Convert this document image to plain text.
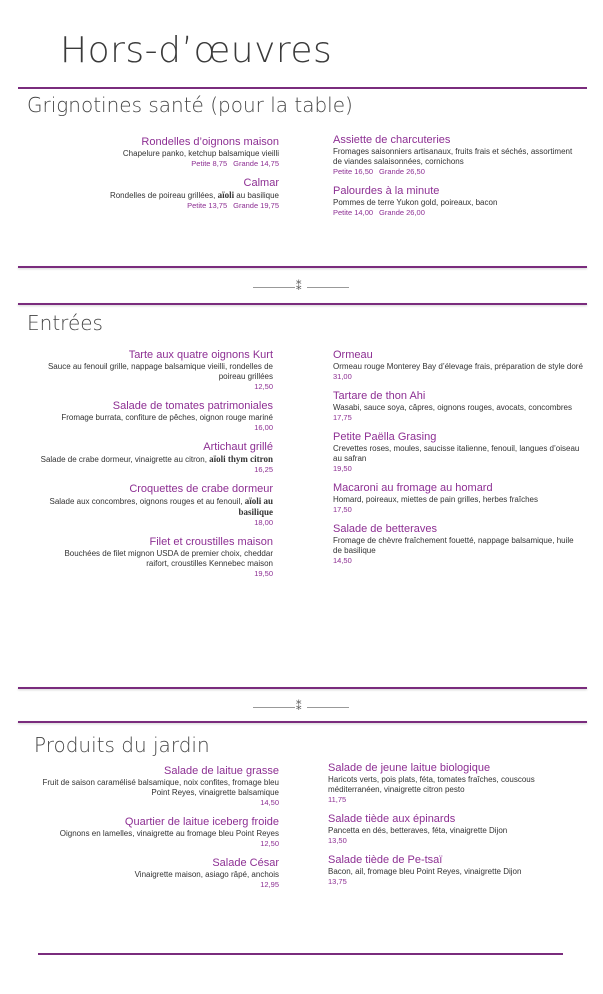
Hors-d’œuvres
Grignotines santé (pour la table)
Rondelles d’oignons maison
Chapelure panko, ketchup balsamique vieilli
Petite 8,75 Grande 14,75
Calmar
Rondelles de poireau grillées, aïoli au basilique
Petite 13,75 Grande 19,75
Assiette de charcuteries
Fromages saisonniers artisanaux, fruits frais et séchés, assortiment de viandes salaisonnées, cornichons
Petite 16,50 Grande 26,50
Palourdes à la minute
Pommes de terre Yukon gold, poireaux, bacon
Petite 14,00 Grande 26,00
⁑
Entrées
Tarte aux quatre oignons Kurt
Sauce au fenouil grille, nappage balsamique vieilli, rondelles de poireau grillées
12,50
Salade de tomates patrimoniales
Fromage burrata, confiture de pêches, oignon rouge mariné
16,00
Artichaut grillé
Salade de crabe dormeur, vinaigrette au citron, aïoli thym citron
16,25
Croquettes de crabe dormeur
Salade aux concombres, oignons rouges et au fenouil, aïoli au basilique
18,00
Filet et croustilles maison
Bouchées de filet mignon USDA de premier choix, cheddar raifort, croustilles Kennebec maison
19,50
Ormeau
Ormeau rouge Monterey Bay d’élevage frais, préparation de style doré
31,00
Tartare de thon Ahi
Wasabi, sauce soya, câpres, oignons rouges, avocats, concombres
17,75
Petite Paëlla Grasing
Crevettes roses, moules, saucisse italienne, fenouil, langues d’oiseau au safran
19,50
Macaroni au fromage au homard
Homard, poireaux, miettes de pain grilles, herbes fraîches
17,50
Salade de betteraves
Fromage de chèvre fraîchement fouetté, nappage balsamique, huile de basilique
14,50
⁑
Produits du jardin
Salade de laitue grasse
Fruit de saison caramélisé balsamique, noix confites, fromage bleu Point Reyes, vinaigrette balsamique
14,50
Quartier de laitue iceberg froide
Oignons en lamelles, vinaigrette au fromage bleu Point Reyes
12,50
Salade César
Vinaigrette maison, asiago râpé, anchois
12,95
Salade de jeune laitue biologique
Haricots verts, pois plats, féta, tomates fraîches, couscous méditerranéen, vinaigrette citron pesto
11,75
Salade tiède aux épinards
Pancetta en dés, betteraves, féta, vinaigrette Dijon
13,50
Salade tiède de Pe-tsaï
Bacon, ail, fromage bleu Point Reyes, vinaigrette Dijon
13,75
